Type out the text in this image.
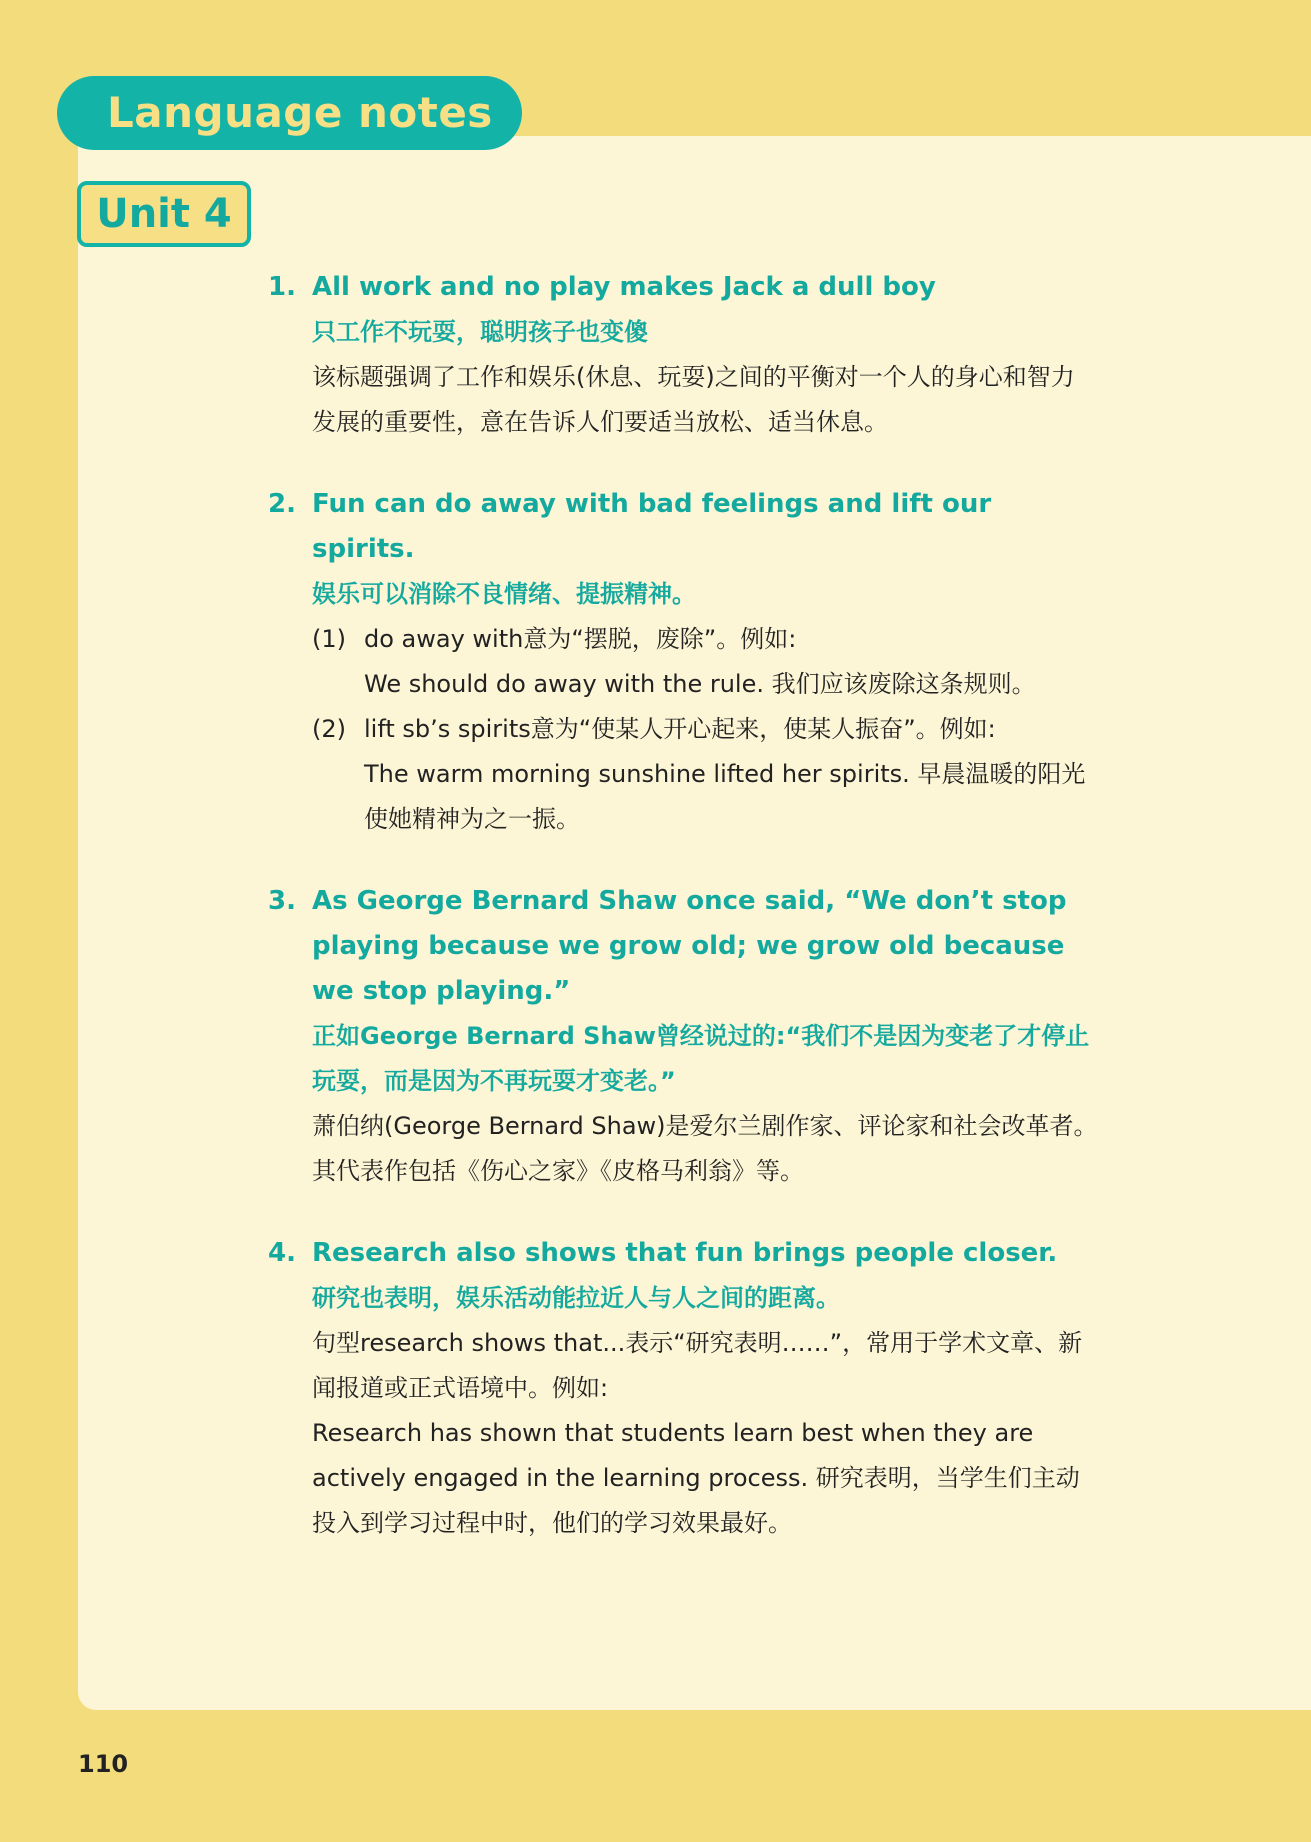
Language notes
Unit 4
1. All work and no play makes Jack a dull boy
只工作不玩耍，聪明孩子也变傻
该标题强调了工作和娱乐(休息、玩耍)之间的平衡对一个人的身心和智力发展的重要性，意在告诉人们要适当放松、适当休息。
2. Fun can do away with bad feelings and lift our spirits.
娱乐可以消除不良情绪、提振精神。
(1) do away with意为“摆脱，废除”。例如:
We should do away with the rule. 我们应该废除这条规则。
(2) lift sb’s spirits意为“使某人开心起来，使某人振奋”。例如:
The warm morning sunshine lifted her spirits. 早晨温暖的阳光使她精神为之一振。
3. As George Bernard Shaw once said, “We don’t stop playing because we grow old; we grow old because we stop playing.”
正如George Bernard Shaw曾经说过的:“我们不是因为变老了才停止玩耍，而是因为不再玩耍才变老。”
萧伯纳(George Bernard Shaw)是爱尔兰剧作家、评论家和社会改革者。其代表作包括《伤心之家》《皮格马利翁》等。
4. Research also shows that fun brings people closer.
研究也表明，娱乐活动能拉近人与人之间的距离。
句型research shows that...表示“研究表明……”，常用于学术文章、新闻报道或正式语境中。例如:
Research has shown that students learn best when they are actively engaged in the learning process. 研究表明，当学生们主动投入到学习过程中时，他们的学习效果最好。
110
